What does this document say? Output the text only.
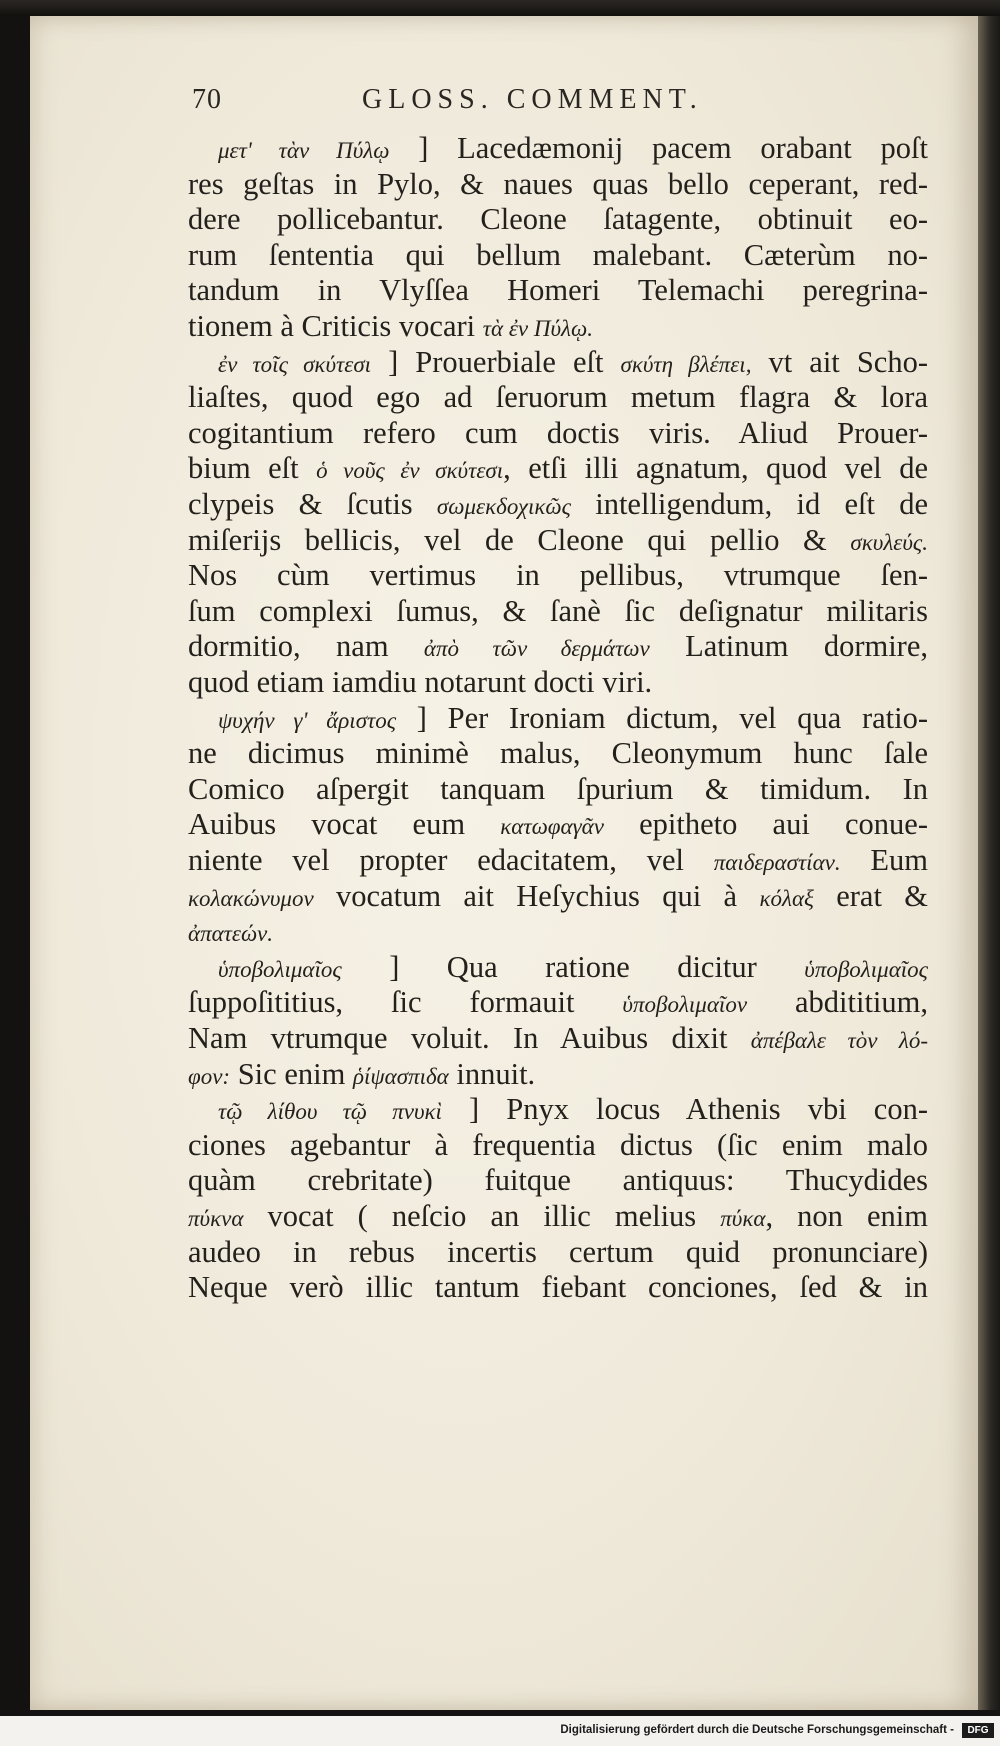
70	GLOSS. COMMENT.
μετ' τὰν Πύλῳ ] Lacedæmonij pacem orabant poſt
res geſtas in Pylo, & naues quas bello ceperant, red-
dere pollicebantur. Cleone ſatagente, obtinuit eo-
rum ſententia qui bellum malebant. Cæterùm no-
tandum in Vlyſſea Homeri Telemachi peregrina-
tionem à Criticis vocari τὰ ἐν Πύλῳ.
ἐν τοῖς σκύτεσι ] Prouerbiale eſt σκύτη βλέπει, vt ait Scho-
liaſtes, quod ego ad ſeruorum metum flagra & lora
cogitantium refero cum doctis viris. Aliud Prouer-
bium eſt ὁ νοῦς ἐν σκύτεσι, etſi illi agnatum, quod vel de
clypeis & ſcutis σωμεκδοχικῶς intelligendum, id eſt de
miſerijs bellicis, vel de Cleone qui pellio & σκυλεύς.
Nos cùm vertimus in pellibus, vtrumque ſen-
ſum complexi ſumus, & ſanè ſic deſignatur militaris
dormitio, nam ἀπὸ τῶν δερμάτων Latinum dormire,
quod etiam iamdiu notarunt docti viri.
ψυχήν γ' ἄριστος ] Per Ironiam dictum, vel qua ratio-
ne dicimus minimè malus, Cleonymum hunc ſale
Comico aſpergit tanquam ſpurium & timidum. In
Auibus vocat eum κατωφαγᾶν epitheto aui conue-
niente vel propter edacitatem, vel παιδεραστίαν. Eum
κολακώνυμον vocatum ait Heſychius qui à κόλαξ erat &
ἀπατεών.
ὑποβολιμαῖος ] Qua ratione dicitur ὑποβολιμαῖος
ſuppoſititius, ſic formauit ὑποβολιμαῖον abdititium,
Nam vtrumque voluit. In Auibus dixit ἀπέβαλε τὸν λό-
φον: Sic enim ῥίψασπιδα innuit.
τῷ λίθου τῷ πνυκὶ ] Pnyx locus Athenis vbi con-
ciones agebantur à frequentia dictus (ſic enim malo
quàm crebritate) fuitque antiquus: Thucydides
πύκνα vocat ( neſcio an illic melius πύκα, non enim
audeo in rebus incertis certum quid pronunciare)
Neque verò illic tantum fiebant conciones, ſed & in
Digitalisierung gefördert durch die Deutsche Forschungsgemeinschaft -	DFG
